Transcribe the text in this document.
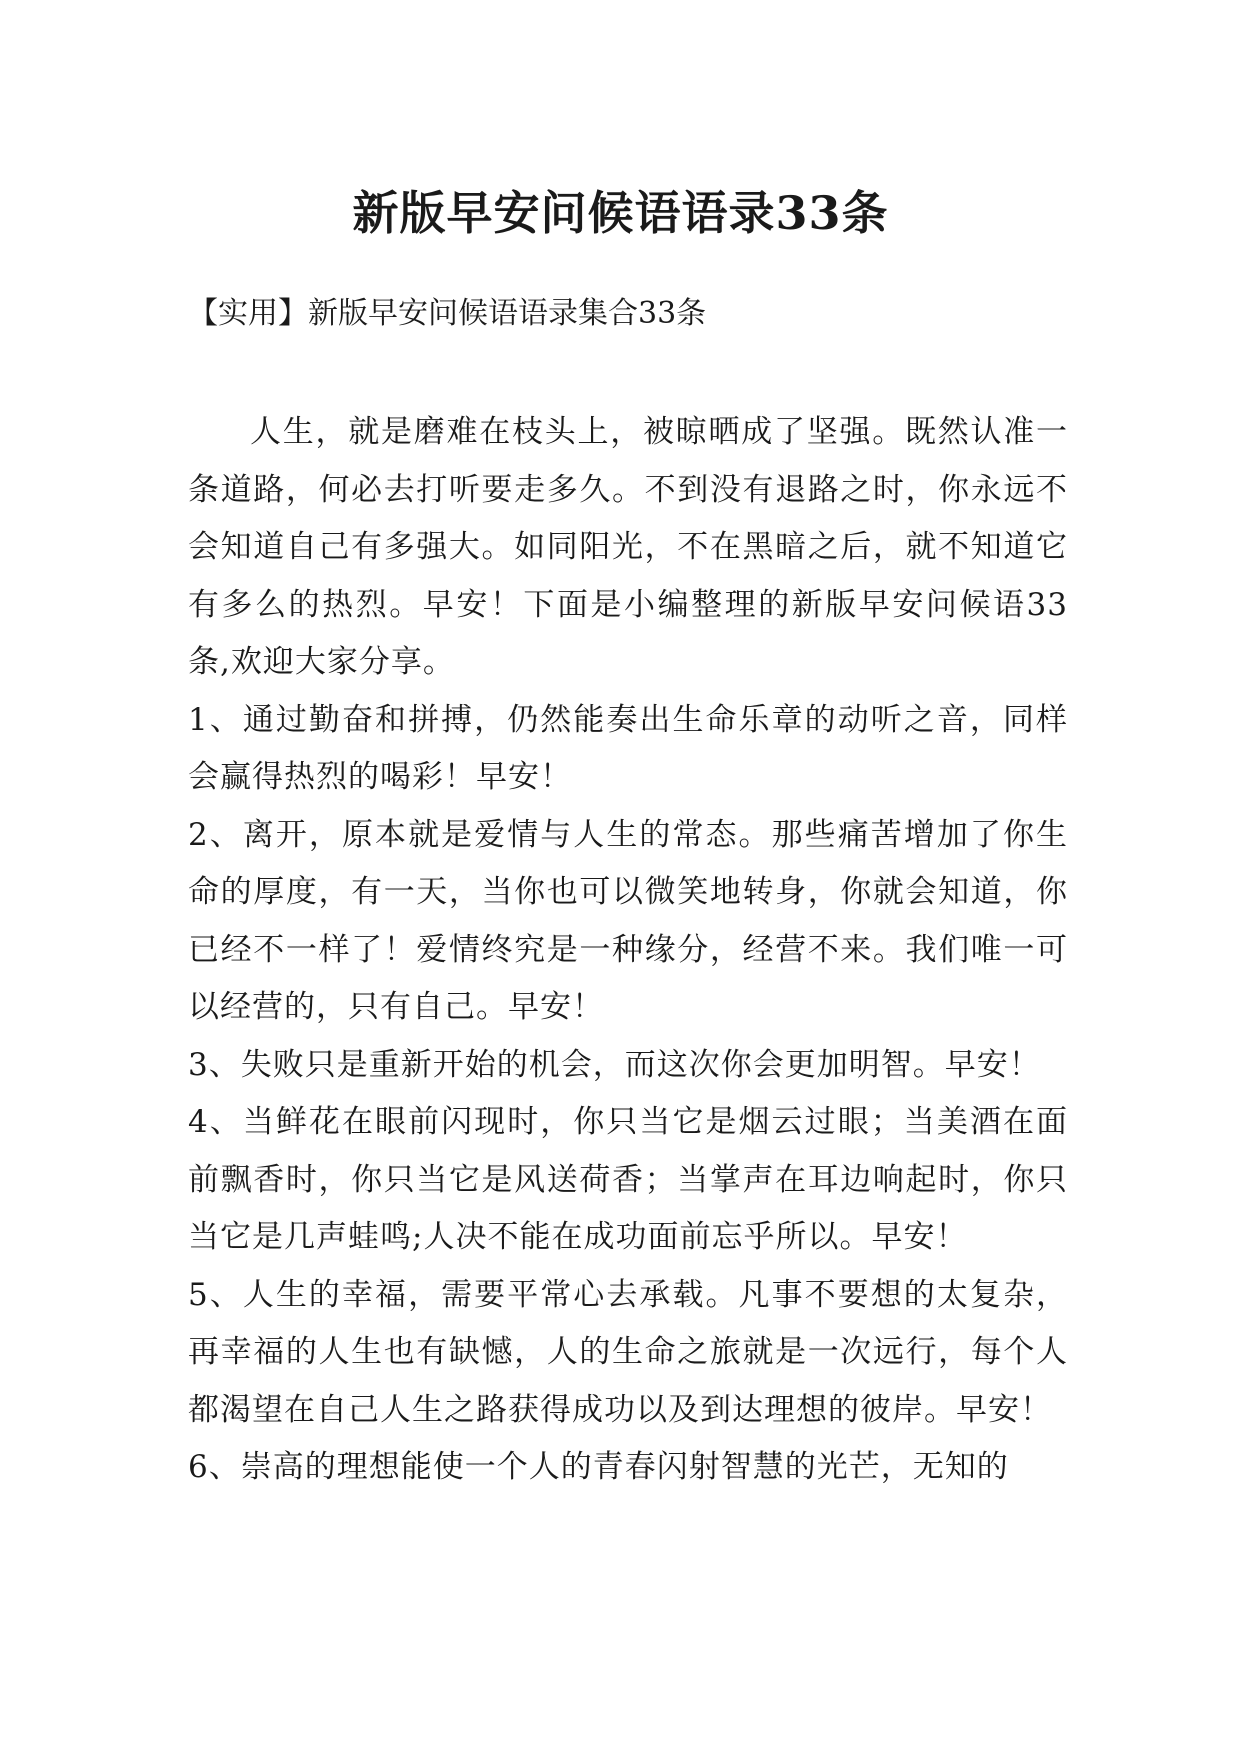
新版早安问候语语录33条
【实用】新版早安问候语语录集合33条

人生，就是磨难在枝头上，被晾晒成了坚强。既然认准一条道路，何必去打听要走多久。不到没有退路之时，你永远不会知道自己有多强大。如同阳光，不在黑暗之后，就不知道它有多么的热烈。早安！下面是小编整理的新版早安问候语33条,欢迎大家分享。

1、通过勤奋和拼搏，仍然能奏出生命乐章的动听之音，同样会赢得热烈的喝彩！早安！

2、离开，原本就是爱情与人生的常态。那些痛苦增加了你生命的厚度，有一天，当你也可以微笑地转身，你就会知道，你已经不一样了！爱情终究是一种缘分，经营不来。我们唯一可以经营的，只有自己。早安！

3、失败只是重新开始的机会，而这次你会更加明智。早安！

4、当鲜花在眼前闪现时，你只当它是烟云过眼；当美酒在面前飘香时，你只当它是风送荷香；当掌声在耳边响起时，你只当它是几声蛙鸣;人决不能在成功面前忘乎所以。早安！

5、人生的幸福，需要平常心去承载。凡事不要想的太复杂，再幸福的人生也有缺憾，人的生命之旅就是一次远行，每个人都渴望在自己人生之路获得成功以及到达理想的彼岸。早安！

6、崇高的理想能使一个人的青春闪射智慧的光芒，无知的
